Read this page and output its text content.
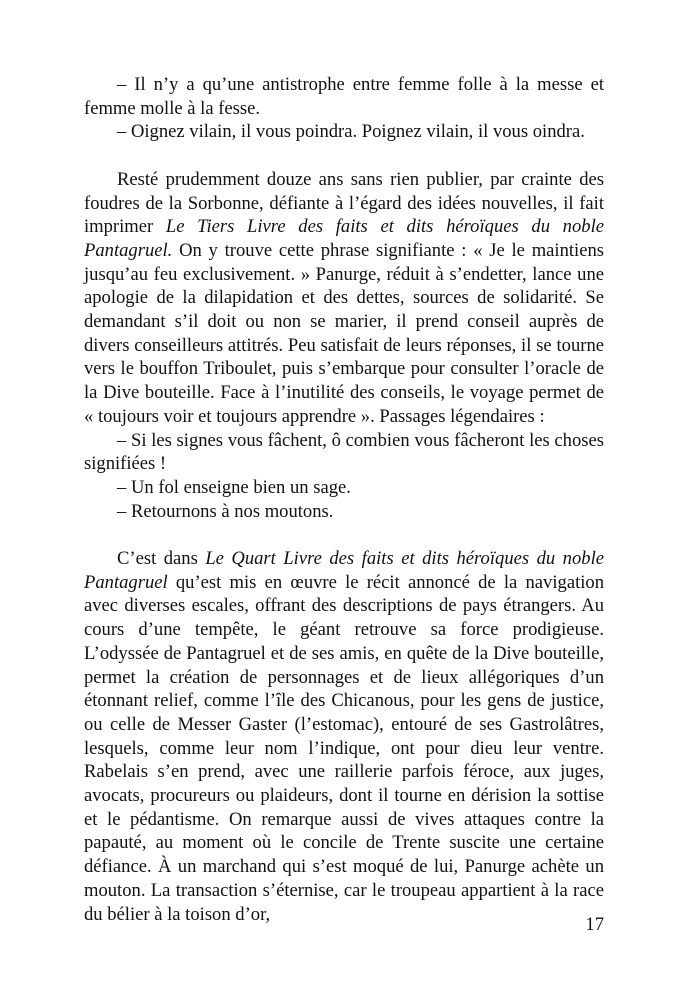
– Il n’y a qu’une antistrophe entre femme folle à la messe et femme molle à la fesse.

– Oignez vilain, il vous poindra. Poignez vilain, il vous oindra.

Resté prudemment douze ans sans rien publier, par crainte des foudres de la Sorbonne, défiante à l’égard des idées nouvelles, il fait imprimer Le Tiers Livre des faits et dits héroïques du noble Pantagruel. On y trouve cette phrase signifiante : « Je le maintiens jusqu’au feu exclusivement. » Panurge, réduit à s’endetter, lance une apologie de la dilapidation et des dettes, sources de solidarité. Se demandant s’il doit ou non se marier, il prend conseil auprès de divers conseilleurs attitrés. Peu satisfait de leurs réponses, il se tourne vers le bouffon Triboulet, puis s’embarque pour consulter l’oracle de la Dive bouteille. Face à l’inutilité des conseils, le voyage permet de « toujours voir et toujours apprendre ». Passages légendaires :

– Si les signes vous fâchent, ô combien vous fâcheront les choses signifiées !

– Un fol enseigne bien un sage.

– Retournons à nos moutons.

C’est dans Le Quart Livre des faits et dits héroïques du noble Pantagruel qu’est mis en œuvre le récit annoncé de la navigation avec diverses escales, offrant des descriptions de pays étrangers. Au cours d’une tempête, le géant retrouve sa force prodigieuse. L’odyssée de Pantagruel et de ses amis, en quête de la Dive bouteille, permet la création de personnages et de lieux allégoriques d’un étonnant relief, comme l’île des Chicanous, pour les gens de justice, ou celle de Messer Gaster (l’estomac), entouré de ses Gastrolâtres, lesquels, comme leur nom l’indique, ont pour dieu leur ventre. Rabelais s’en prend, avec une raillerie parfois féroce, aux juges, avocats, procureurs ou plaideurs, dont il tourne en dérision la sottise et le pédantisme. On remarque aussi de vives attaques contre la papauté, au moment où le concile de Trente suscite une certaine défiance. À un marchand qui s’est moqué de lui, Panurge achète un mouton. La transaction s’éternise, car le troupeau appartient à la race du bélier à la toison d’or,	17
